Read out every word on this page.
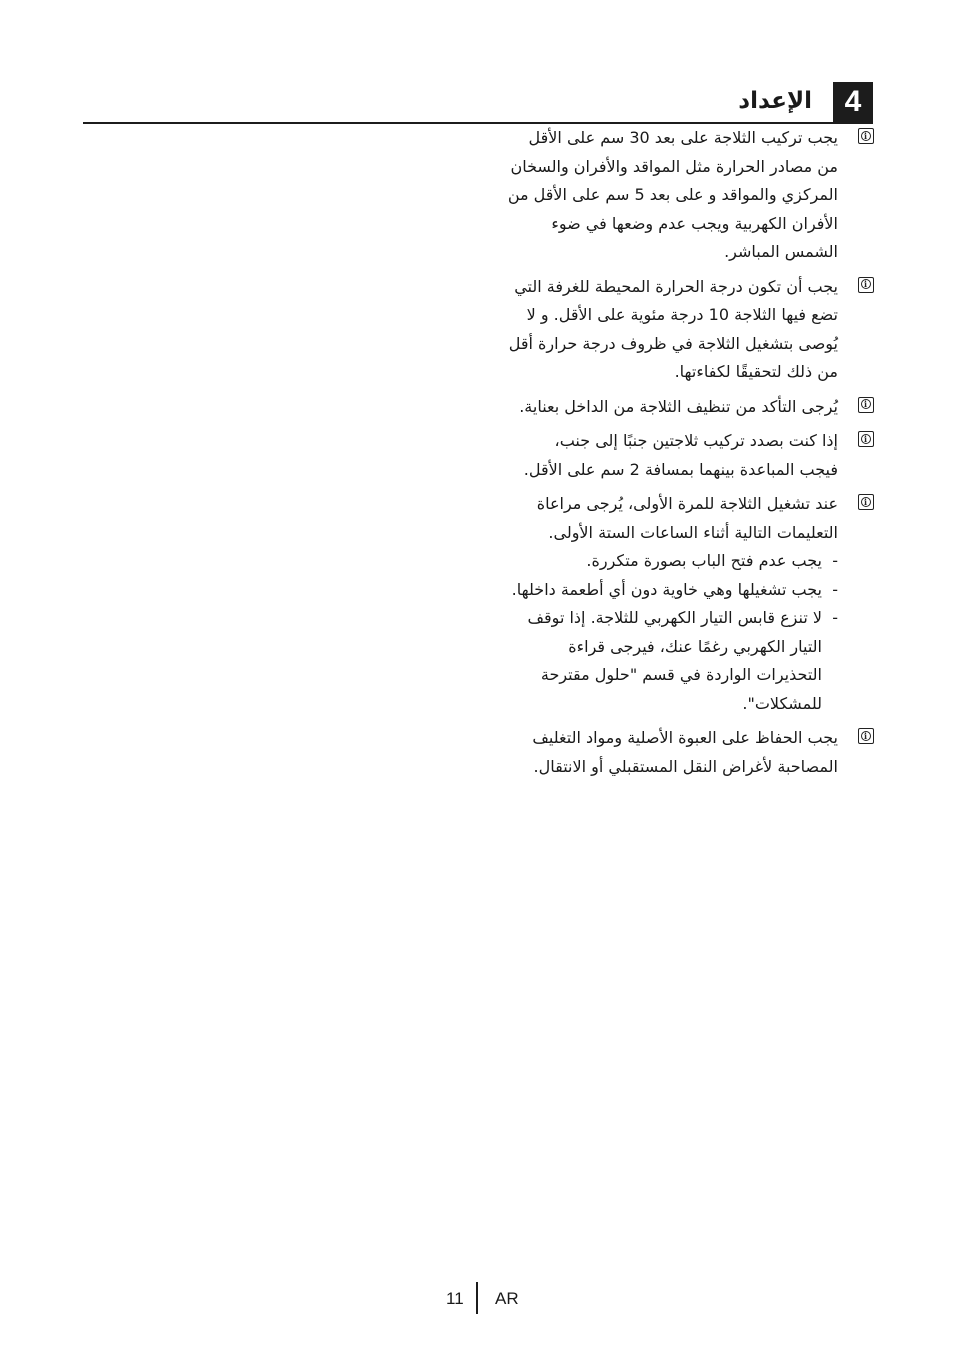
4
الإعداد
i
يجب تركيب الثلاجة على بعد 30 سم على الأقل
من مصادر الحرارة مثل المواقد والأفران والسخان
المركزي والمواقد و على بعد 5 سم على الأقل من
الأفران الكهربية ويجب عدم وضعها في ضوء
الشمس المباشر.
i
يجب أن تكون درجة الحرارة المحيطة للغرفة التي
تضع فيها الثلاجة 10 درجة مئوية على الأقل. و لا
يُوصى بتشغيل الثلاجة في ظروف درجة حرارة أقل
من ذلك لتحقيقًا لكفاءتها.
i
يُرجى التأكد من تنظيف الثلاجة من الداخل بعناية.
i
إذا كنت بصدد تركيب ثلاجتين جنبًا إلى جنب،
فيجب المباعدة بينهما بمسافة 2 سم على الأقل.
i
عند تشغيل الثلاجة للمرة الأولى، يُرجى مراعاة
التعليمات التالية أثناء الساعات الستة الأولى.
-
يجب عدم فتح الباب بصورة متكررة.
-
يجب تشغيلها وهي خاوية دون أي أطعمة داخلها.
-
لا تنزع قابس التيار الكهربي للثلاجة. إذا توقف
التيار الكهربي رغمًا عنك، فيرجى قراءة
التحذيرات الواردة في قسم "حلول مقترحة
للمشكلات".
i
يجب الحفاظ على العبوة الأصلية ومواد التغليف
المصاحبة لأغراض النقل المستقبلي أو الانتقال.
11 AR
